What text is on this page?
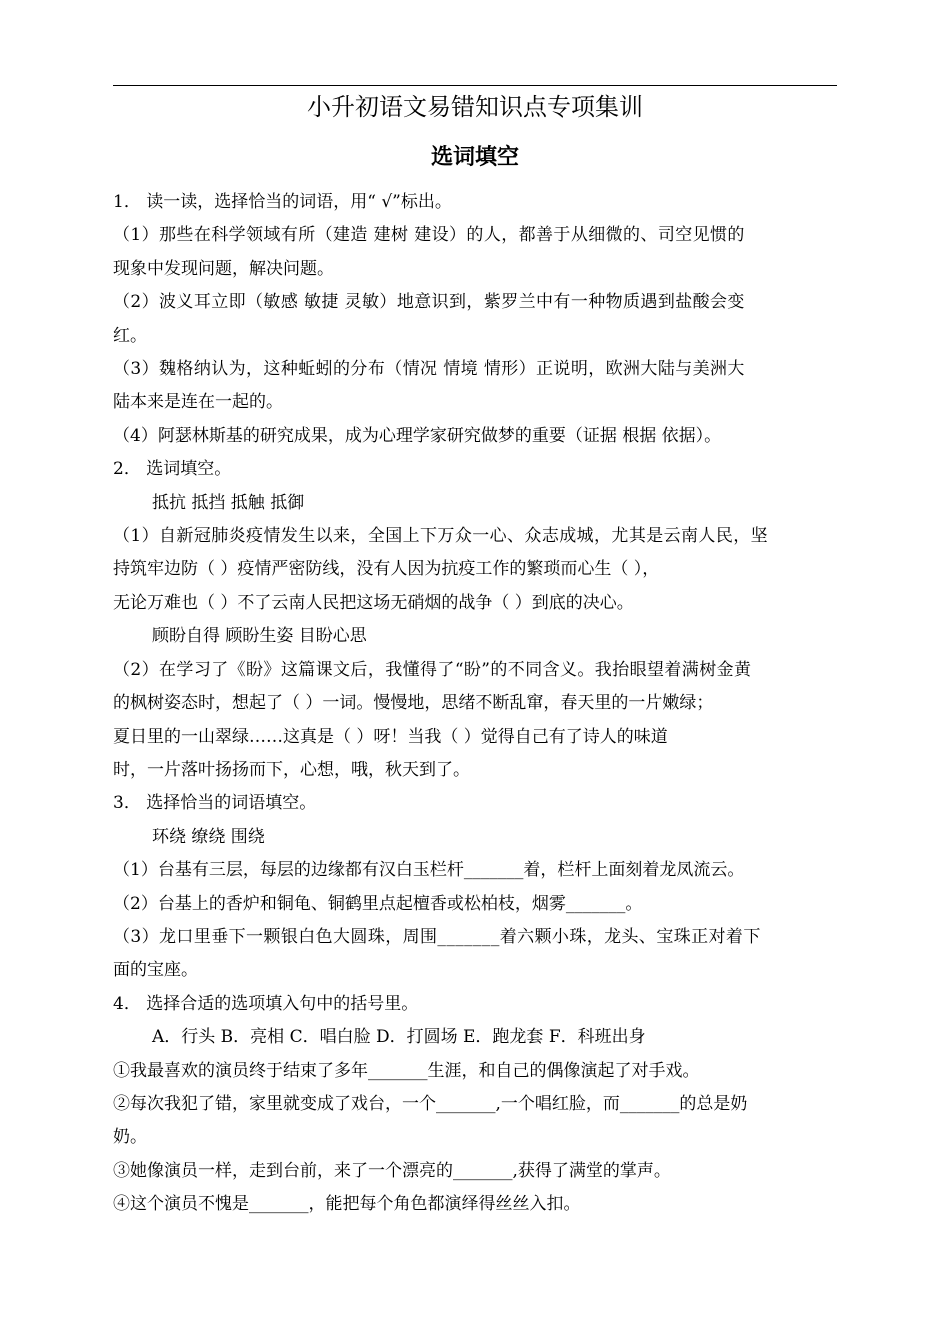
小升初语文易错知识点专项集训
选词填空
1． 读一读，选择恰当的词语，用“ √”标出。
（1）那些在科学领域有所（建造 建树 建设）的人，都善于从细微的、司空见惯的
现象中发现问题，解决问题。
（2）波义耳立即（敏感 敏捷 灵敏）地意识到，紫罗兰中有一种物质遇到盐酸会变
红。
（3）魏格纳认为，这种蚯蚓的分布（情况 情境 情形）正说明，欧洲大陆与美洲大
陆本来是连在一起的。
（4）阿瑟林斯基的研究成果，成为心理学家研究做梦的重要（证据 根据 依据）。
2． 选词填空。
抵抗 抵挡 抵触 抵御
（1）自新冠肺炎疫情发生以来，全国上下万众一心、众志成城，尤其是云南人民，坚
持筑牢边防（ ）疫情严密防线，没有人因为抗疫工作的繁琐而心生（ ），
无论万难也（ ）不了云南人民把这场无硝烟的战争（ ）到底的决心。
顾盼自得 顾盼生姿 目盼心思
（2）在学习了《盼》这篇课文后，我懂得了“盼”的不同含义。我抬眼望着满树金黄
的枫树姿态时，想起了（ ）一词。慢慢地，思绪不断乱窜，春天里的一片嫩绿；
夏日里的一山翠绿……这真是（ ）呀！当我（ ）觉得自己有了诗人的味道
时，一片落叶扬扬而下，心想，哦，秋天到了。
3． 选择恰当的词语填空。
环绕 缭绕 围绕
（1）台基有三层，每层的边缘都有汉白玉栏杆_______着，栏杆上面刻着龙凤流云。
（2）台基上的香炉和铜龟、铜鹤里点起檀香或松柏枝，烟雾_______。
（3）龙口里垂下一颗银白色大圆珠，周围_______着六颗小珠，龙头、宝珠正对着下
面的宝座。
4． 选择合适的选项填入句中的括号里。
A．行头 B．亮相 C．唱白脸 D．打圆场 E．跑龙套 F．科班出身
①我最喜欢的演员终于结束了多年_______生涯，和自己的偶像演起了对手戏。
②每次我犯了错，家里就变成了戏台，一个_______,一个唱红脸，而_______的总是奶
奶。
③她像演员一样，走到台前，来了一个漂亮的_______,获得了满堂的掌声。
④这个演员不愧是_______，能把每个角色都演绎得丝丝入扣。
